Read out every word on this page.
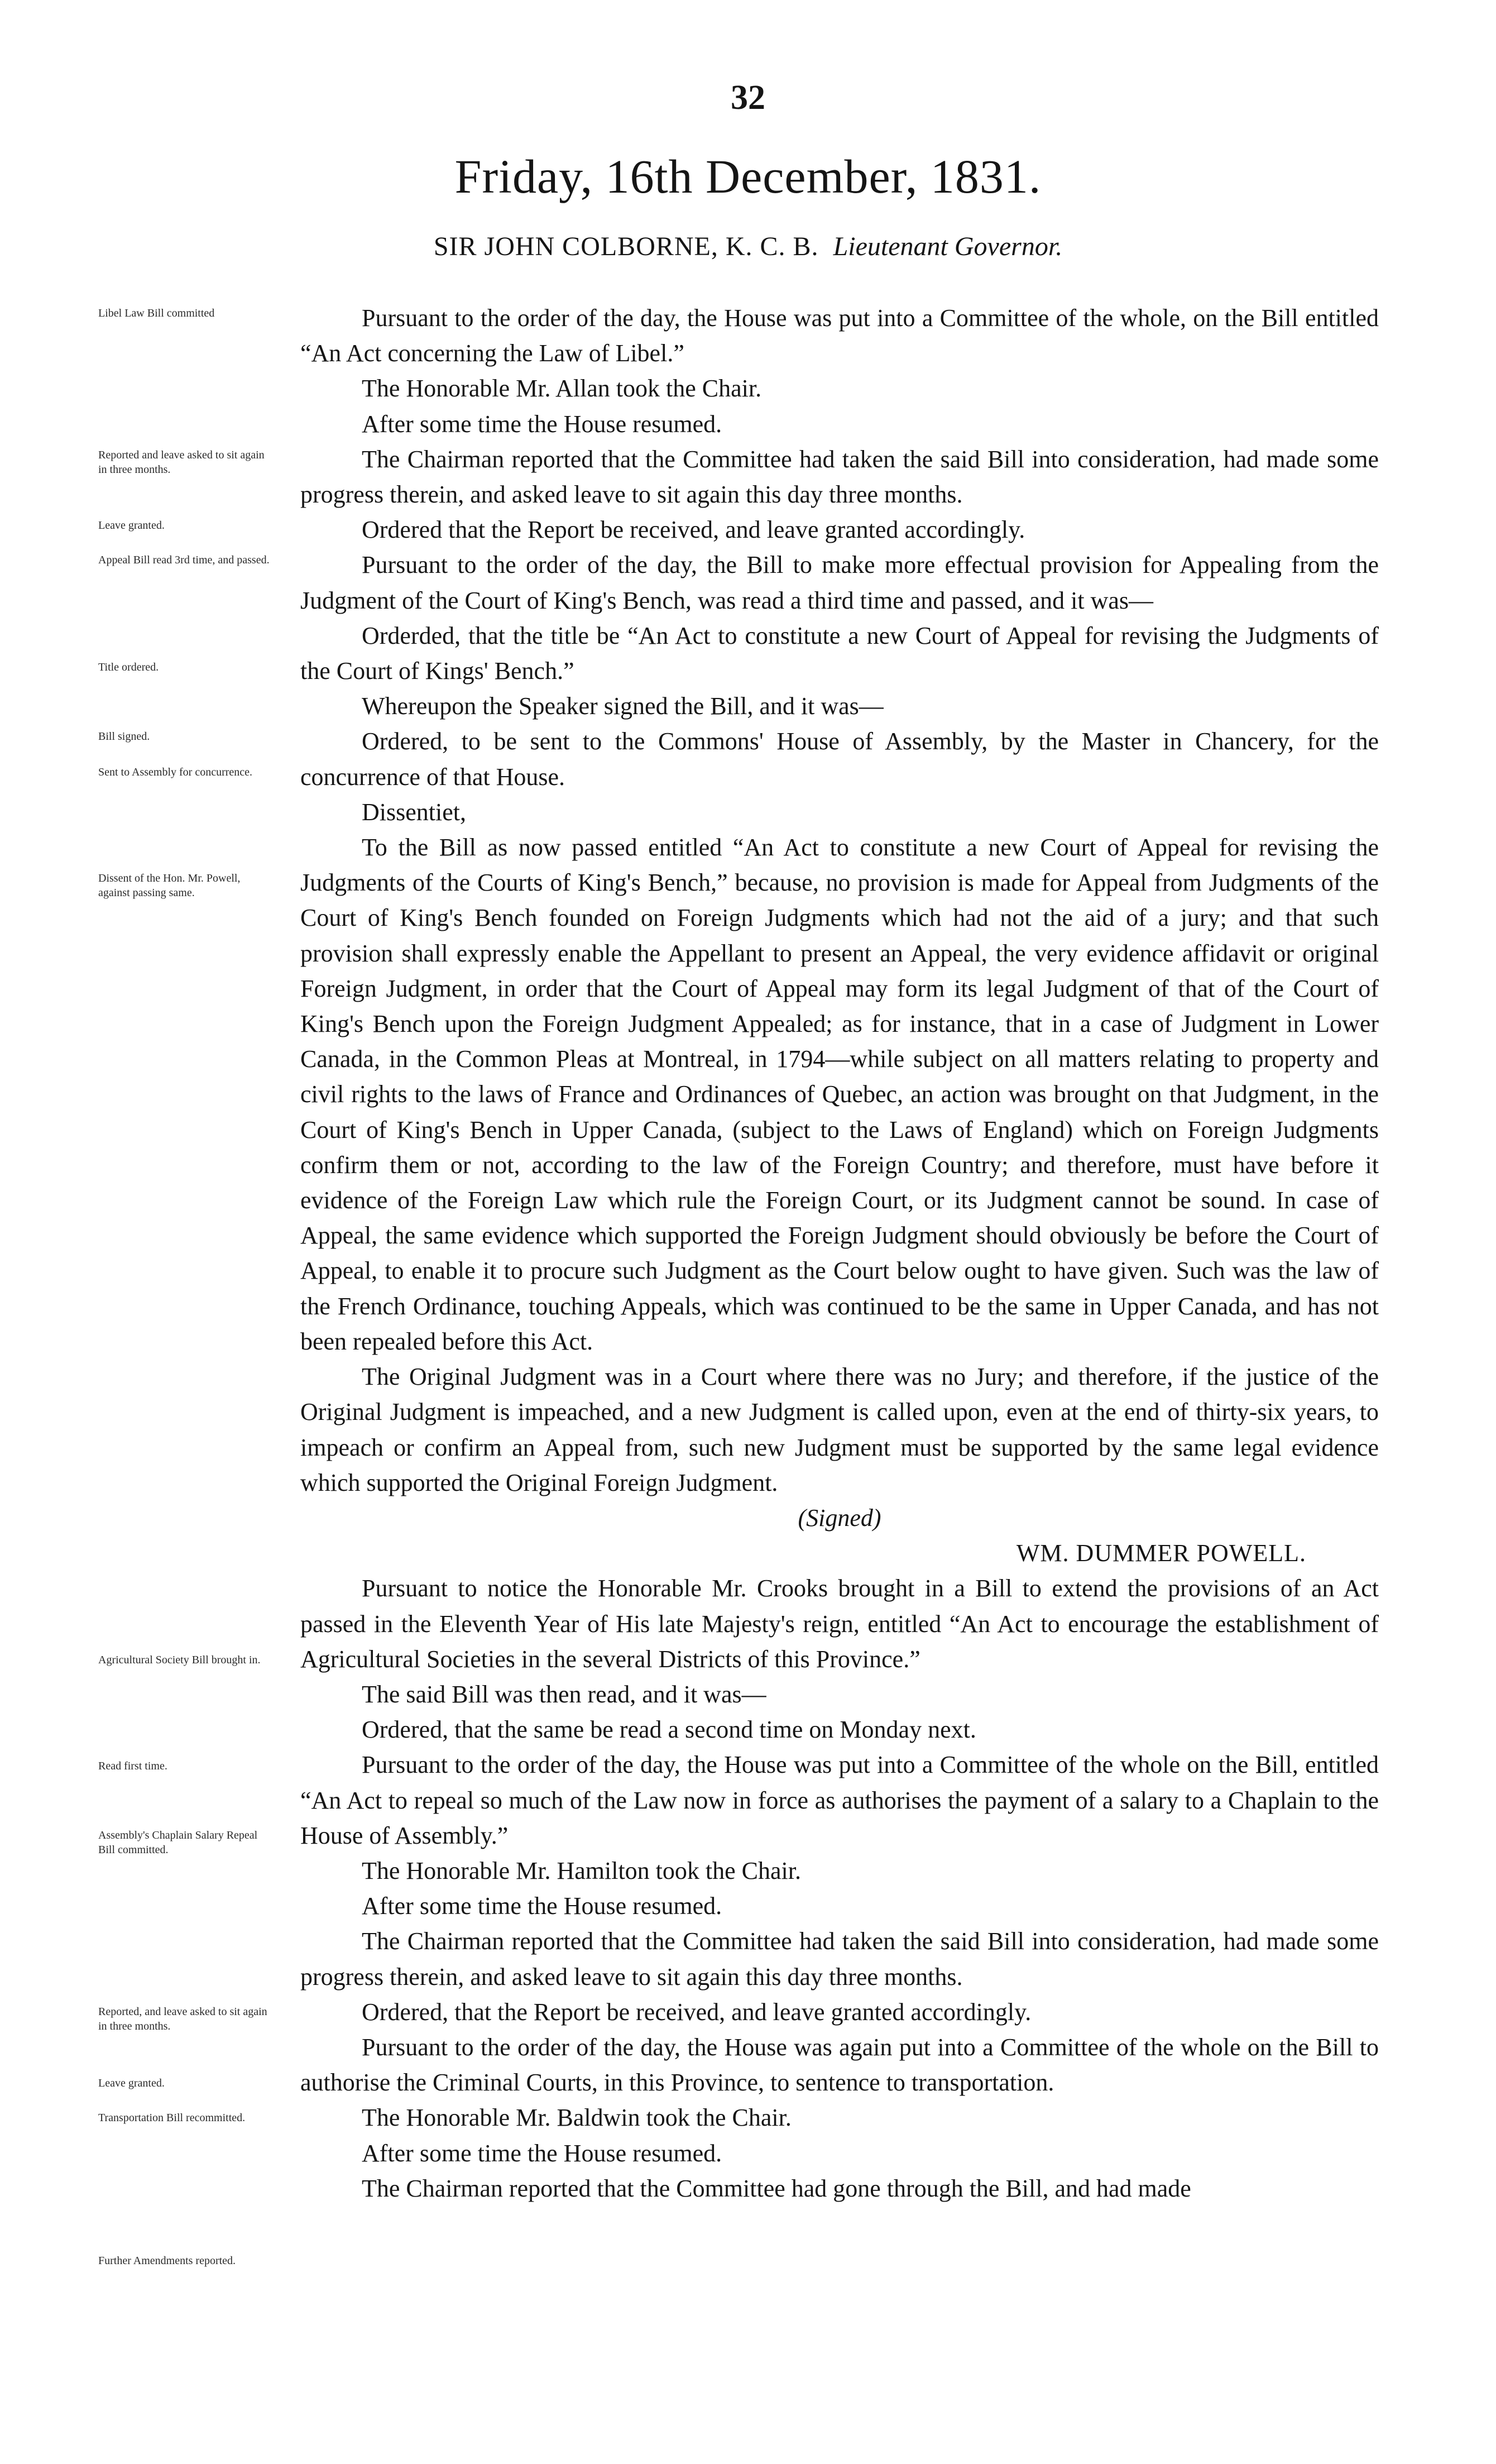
32
Friday, 16th December, 1831.
SIR JOHN COLBORNE, K. C. B. Lieutenant Governor.
Libel Law Bill committed
Reported and leave asked to sit again in three months.
Leave granted.
Appeal Bill read 3rd time, and passed.
Title ordered.
Bill signed.
Sent to Assembly for concurrence.
Dissent of the Hon. Mr. Powell, against passing same.
Agricultural Society Bill brought in.
Read first time.
Assembly's Chaplain Salary Repeal Bill committed.
Reported, and leave asked to sit again in three months.
Leave granted.
Transportation Bill recommitted.
Further Amendments reported.

Pursuant to the order of the day, the House was put into a Committee of the whole, on the Bill entitled “An Act concerning the Law of Libel.”

The Honorable Mr. Allan took the Chair.

After some time the House resumed.

The Chairman reported that the Committee had taken the said Bill into consideration, had made some progress therein, and asked leave to sit again this day three months.

Ordered that the Report be received, and leave granted accordingly.

Pursuant to the order of the day, the Bill to make more effectual provision for Appealing from the Judgment of the Court of King's Bench, was read a third time and passed, and it was—

Orderded, that the title be “An Act to constitute a new Court of Appeal for revising the Judgments of the Court of Kings' Bench.”

Whereupon the Speaker signed the Bill, and it was—

Ordered, to be sent to the Commons' House of Assembly, by the Master in Chancery, for the concurrence of that House.

Dissentiet,

To the Bill as now passed entitled “An Act to constitute a new Court of Appeal for revising the Judgments of the Courts of King's Bench,” because, no provision is made for Appeal from Judgments of the Court of King's Bench founded on Foreign Judgments which had not the aid of a jury; and that such provision shall expressly enable the Appellant to present an Appeal, the very evidence affidavit or original Foreign Judgment, in order that the Court of Appeal may form its legal Judgment of that of the Court of King's Bench upon the Foreign Judgment Appealed; as for instance, that in a case of Judgment in Lower Canada, in the Common Pleas at Montreal, in 1794—while subject on all matters relating to property and civil rights to the laws of France and Ordinances of Quebec, an action was brought on that Judgment, in the Court of King's Bench in Upper Canada, (subject to the Laws of England) which on Foreign Judgments confirm them or not, according to the law of the Foreign Country; and therefore, must have before it evidence of the Foreign Law which rule the Foreign Court, or its Judgment cannot be sound. In case of Appeal, the same evidence which supported the Foreign Judgment should obviously be before the Court of Appeal, to enable it to procure such Judgment as the Court below ought to have given. Such was the law of the French Ordinance, touching Appeals, which was continued to be the same in Upper Canada, and has not been repealed before this Act.

The Original Judgment was in a Court where there was no Jury; and therefore, if the justice of the Original Judgment is impeached, and a new Judgment is called upon, even at the end of thirty-six years, to impeach or confirm an Appeal from, such new Judgment must be supported by the same legal evidence which supported the Original Foreign Judgment.

(Signed)

WM. DUMMER POWELL.

Pursuant to notice the Honorable Mr. Crooks brought in a Bill to extend the provisions of an Act passed in the Eleventh Year of His late Majesty's reign, entitled “An Act to encourage the establishment of Agricultural Societies in the several Districts of this Province.”

The said Bill was then read, and it was—

Ordered, that the same be read a second time on Monday next.

Pursuant to the order of the day, the House was put into a Committee of the whole on the Bill, entitled “An Act to repeal so much of the Law now in force as authorises the payment of a salary to a Chaplain to the House of Assembly.”

The Honorable Mr. Hamilton took the Chair.

After some time the House resumed.

The Chairman reported that the Committee had taken the said Bill into consideration, had made some progress therein, and asked leave to sit again this day three months.

Ordered, that the Report be received, and leave granted accordingly.

Pursuant to the order of the day, the House was again put into a Committee of the whole on the Bill to authorise the Criminal Courts, in this Province, to sentence to transportation.

The Honorable Mr. Baldwin took the Chair.

After some time the House resumed.

The Chairman reported that the Committee had gone through the Bill, and had made
